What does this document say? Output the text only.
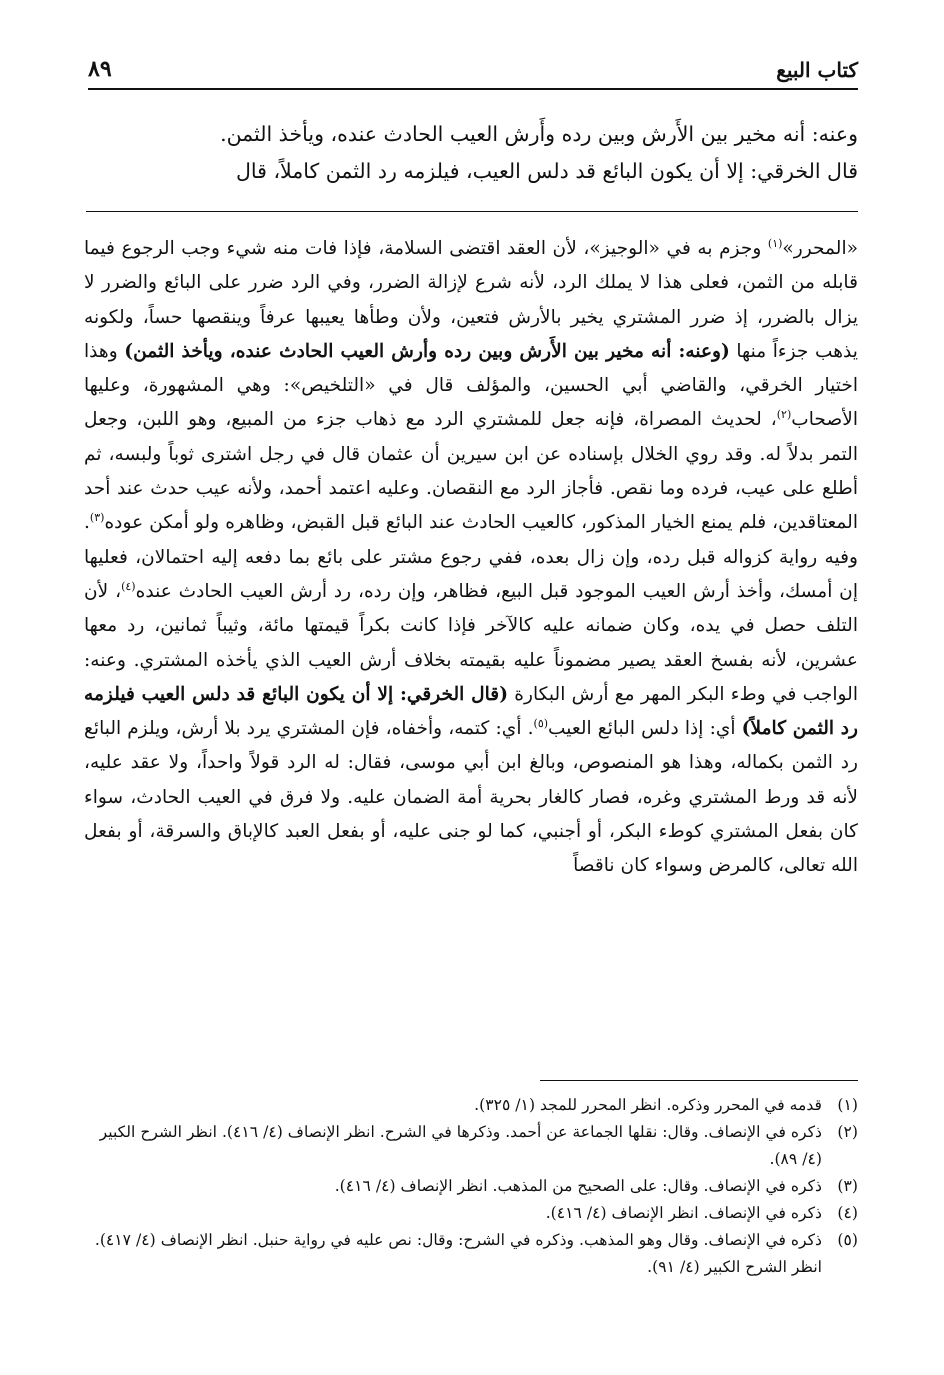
كتاب البيع
٨٩

وعنه: أنه مخير بين الأَرش وبين رده وأَرش العيب الحادث عنده، ويأخذ الثمن.

قال الخرقي: إلا أن يكون البائع قد دلس العيب، فيلزمه رد الثمن كاملاً، قال

«المحرر»$^{(١)}$ وجزم به في «الوجيز»، لأن العقد اقتضى السلامة، فإذا فات منه شيء وجب الرجوع فيما قابله من الثمن، فعلى هذا لا يملك الرد، لأنه شرع لإزالة الضرر، وفي الرد ضرر على البائع والضرر لا يزال بالضرر، إذ ضرر المشتري يخير بالأرش فتعين، ولأن وطأها يعيبها عرفاً وينقصها حساً، ولكونه يذهب جزءاً منها (وعنه: أنه مخير بين الأَرش وبين رده وأرش العيب الحادث عنده، ويأخذ الثمن) وهذا اختيار الخرقي، والقاضي أبي الحسين، والمؤلف قال في «التلخيص»: وهي المشهورة، وعليها الأصحاب$^{(٢)}$، لحديث المصراة، فإنه جعل للمشتري الرد مع ذهاب جزء من المبيع، وهو اللبن، وجعل التمر بدلاً له. وقد روي الخلال بإسناده عن ابن سيرين أن عثمان قال في رجل اشترى ثوباً ولبسه، ثم أطلع على عيب، فرده وما نقص. فأجاز الرد مع النقصان. وعليه اعتمد أحمد، ولأنه عيب حدث عند أحد المعتاقدين، فلم يمنع الخيار المذكور، كالعيب الحادث عند البائع قبل القبض، وظاهره ولو أمكن عوده$^{(٣)}$. وفيه رواية كزواله قبل رده، وإن زال بعده، ففي رجوع مشتر على بائع بما دفعه إليه احتمالان، فعليها إن أمسك، وأخذ أرش العيب الموجود قبل البيع، فظاهر، وإن رده، رد أرش العيب الحادث عنده$^{(٤)}$، لأن التلف حصل في يده، وكان ضمانه عليه كالآخر فإذا كانت بكراً قيمتها مائة، وثيباً ثمانين، رد معها عشرين، لأنه بفسخ العقد يصير مضموناً عليه بقيمته بخلاف أرش العيب الذي يأخذه المشتري. وعنه: الواجب في وطء البكر المهر مع أرش البكارة (قال الخرقي: إلا أن يكون البائع قد دلس العيب فيلزمه رد الثمن كاملاً) أي: إذا دلس البائع العيب$^{(٥)}$. أي: كتمه، وأخفاه، فإن المشتري يرد بلا أرش، ويلزم البائع رد الثمن بكماله، وهذا هو المنصوص، وبالغ ابن أبي موسى، فقال: له الرد قولاً واحداً، ولا عقد عليه، لأنه قد ورط المشتري وغره، فصار كالغار بحرية أمة الضمان عليه. ولا فرق في العيب الحادث، سواء كان بفعل المشتري كوطء البكر، أو أجنبي، كما لو جنى عليه، أو بفعل العبد كالإباق والسرقة، أو بفعل الله تعالى، كالمرض وسواء كان ناقصاً

(١)
قدمه في المحرر وذكره. انظر المحرر للمجد (١/ ٣٢٥).
(٢)
ذكره في الإنصاف. وقال: نقلها الجماعة عن أحمد. وذكرها في الشرح. انظر الإنصاف (٤/ ٤١٦). انظر الشرح الكبير (٤/ ٨٩).
(٣)
ذكره في الإنصاف. وقال: على الصحيح من المذهب. انظر الإنصاف (٤/ ٤١٦).
(٤)
ذكره في الإنصاف. انظر الإنصاف (٤/ ٤١٦).
(٥)
ذكره في الإنصاف. وقال وهو المذهب. وذكره في الشرح: وقال: نص عليه في رواية حنبل. انظر الإنصاف (٤/ ٤١٧). انظر الشرح الكبير (٤/ ٩١).
